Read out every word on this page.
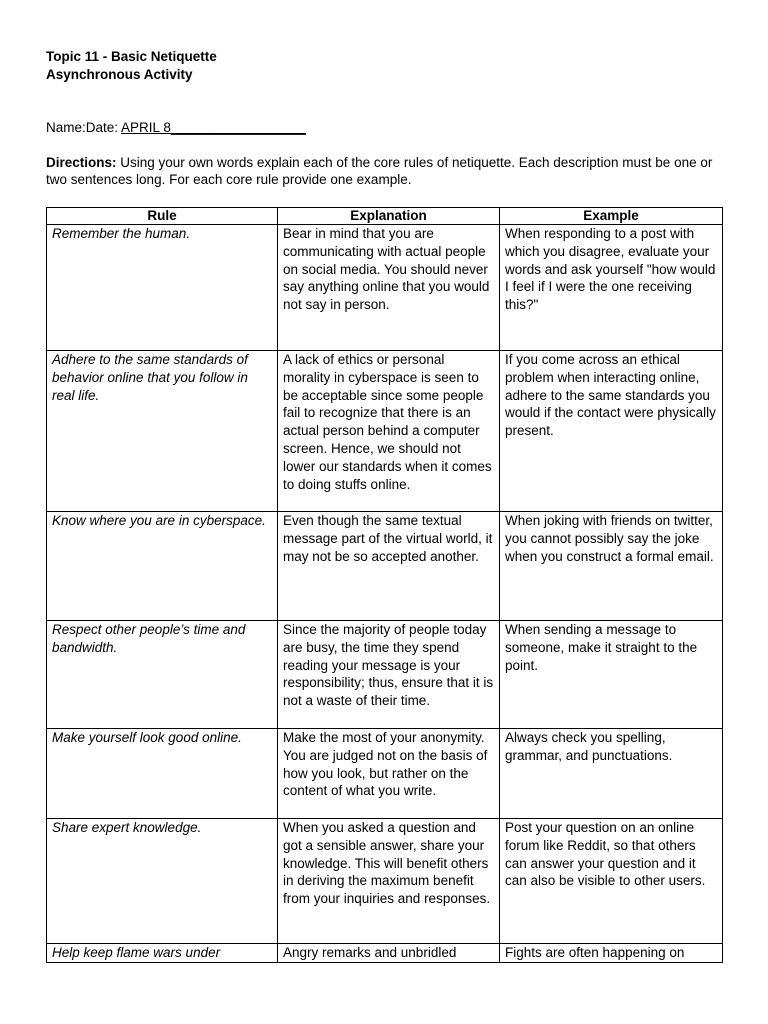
Topic 11 - Basic Netiquette
Asynchronous Activity
Name:Date: APRIL 8__________________
Directions: Using your own words explain each of the core rules of netiquette. Each description must be one or two sentences long. For each core rule provide one example.
Rule	Explanation	Example
Remember the human.	Bear in mind that you are communicating with actual people on social media. You should never say anything online that you would not say in person.	When responding to a post with which you disagree, evaluate your words and ask yourself "how would I feel if I were the one receiving this?"
Adhere to the same standards of behavior online that you follow in real life.	A lack of ethics or personal morality in cyberspace is seen to be acceptable since some people fail to recognize that there is an actual person behind a computer screen. Hence, we should not lower our standards when it comes to doing stuffs online.	If you come across an ethical problem when interacting online, adhere to the same standards you would if the contact were physically present.
Know where you are in cyberspace.	Even though the same textual message part of the virtual world, it may not be so accepted another.	When joking with friends on twitter, you cannot possibly say the joke when you construct a formal email.
Respect other people’s time and bandwidth.	Since the majority of people today are busy, the time they spend reading your message is your responsibility; thus, ensure that it is not a waste of their time.	When sending a message to someone, make it straight to the point.
Make yourself look good online.	Make the most of your anonymity. You are judged not on the basis of how you look, but rather on the content of what you write.	Always check you spelling, grammar, and punctuations.
Share expert knowledge.	When you asked a question and got a sensible answer, share your knowledge. This will benefit others in deriving the maximum benefit from your inquiries and responses.	Post your question on an online forum like Reddit, so that others can answer your question and it can also be visible to other users.
Help keep flame wars under	Angry remarks and unbridled	Fights are often happening on
